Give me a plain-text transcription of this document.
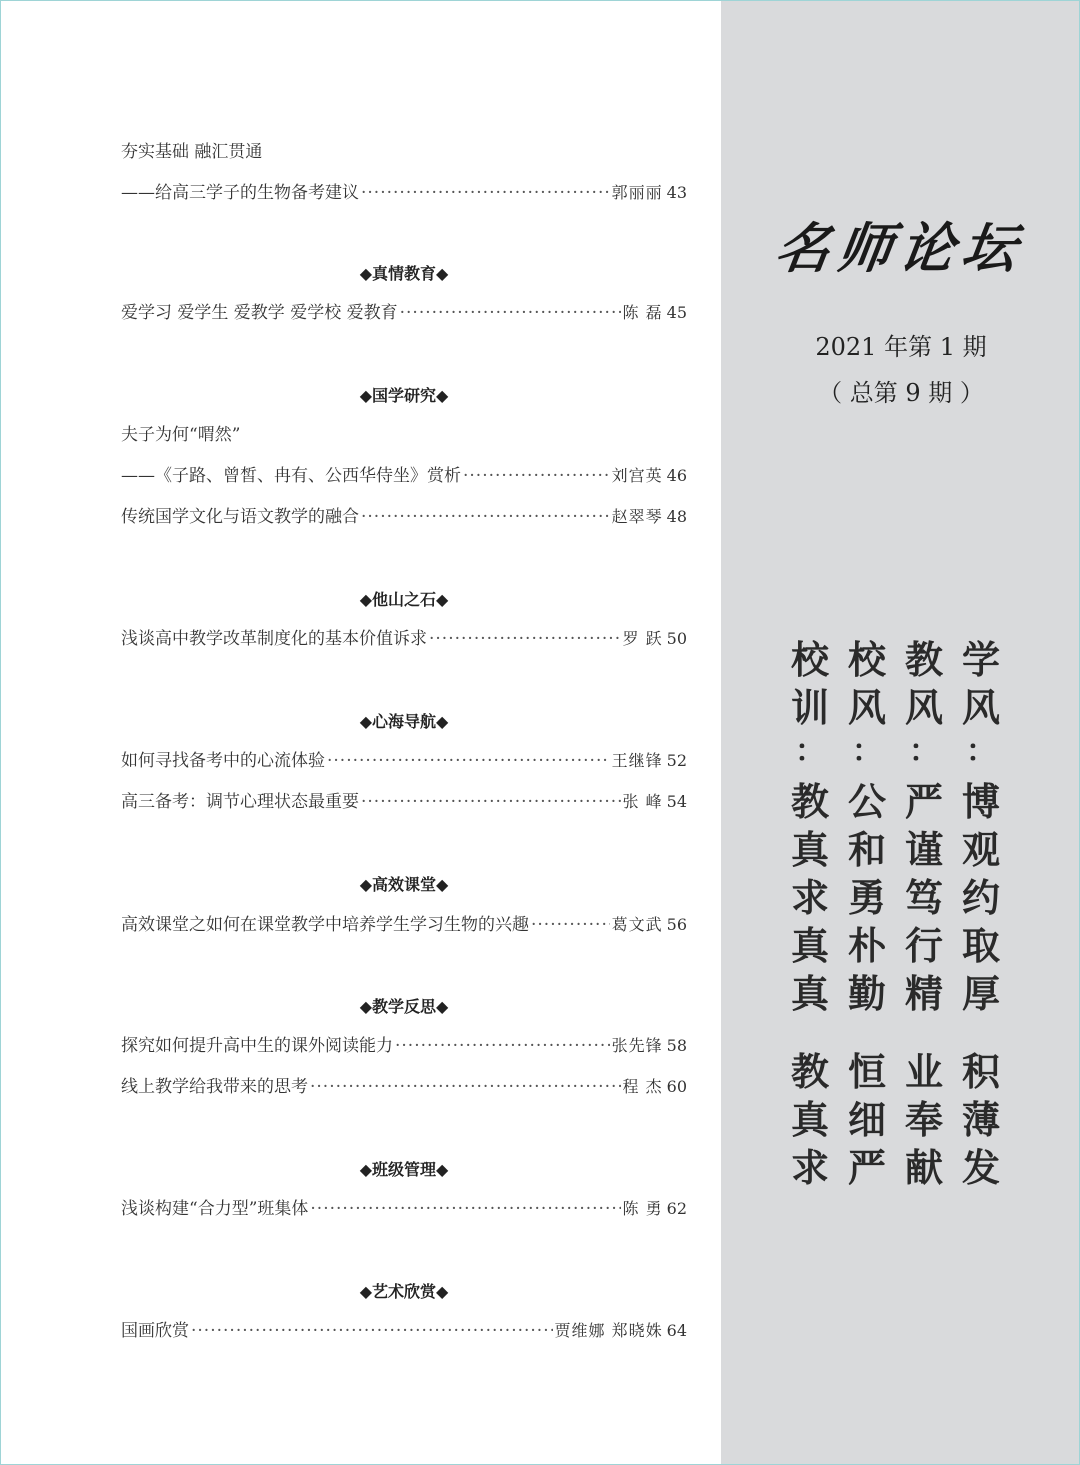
夯实基础 融汇贯通
——给高三学子的生物备考建议 ·····	郭丽丽 43
◆真情教育◆
爱学习 爱学生 爱教学 爱学校 爱教育 ·····	陈 磊 45
◆国学研究◆
夫子为何“喟然”
——《子路、曾皙、冉有、公西华侍坐》赏析 ·····	刘宫英 46
传统国学文化与语文教学的融合 ·····	赵翠琴 48
◆他山之石◆
浅谈高中教学改革制度化的基本价值诉求 ·····	罗 跃 50
◆心海导航◆
如何寻找备考中的心流体验 ·····	王继锋 52
高三备考：调节心理状态最重要 ·····	张 峰 54
◆高效课堂◆
高效课堂之如何在课堂教学中培养学生学习生物的兴趣 ·····	葛文武 56
◆教学反思◆
探究如何提升高中生的课外阅读能力 ·····	张先锋 58
线上教学给我带来的思考 ·····	程 杰 60
◆班级管理◆
浅谈构建“合力型”班集体 ·····	陈 勇 62
◆艺术欣赏◆
国画欣赏 ·····	贾维娜 郑晓姝 64
名师论坛
2021 年第 1 期
（ 总第 9 期 ）
校
训
：
教
真
求
真
真
教
真
求
校
风
：
公
和
勇
朴
勤
恒
细
严
教
风
：
严
谨
笃
行
精
业
奉
献
学
风
：
博
观
约
取
厚
积
薄
发
